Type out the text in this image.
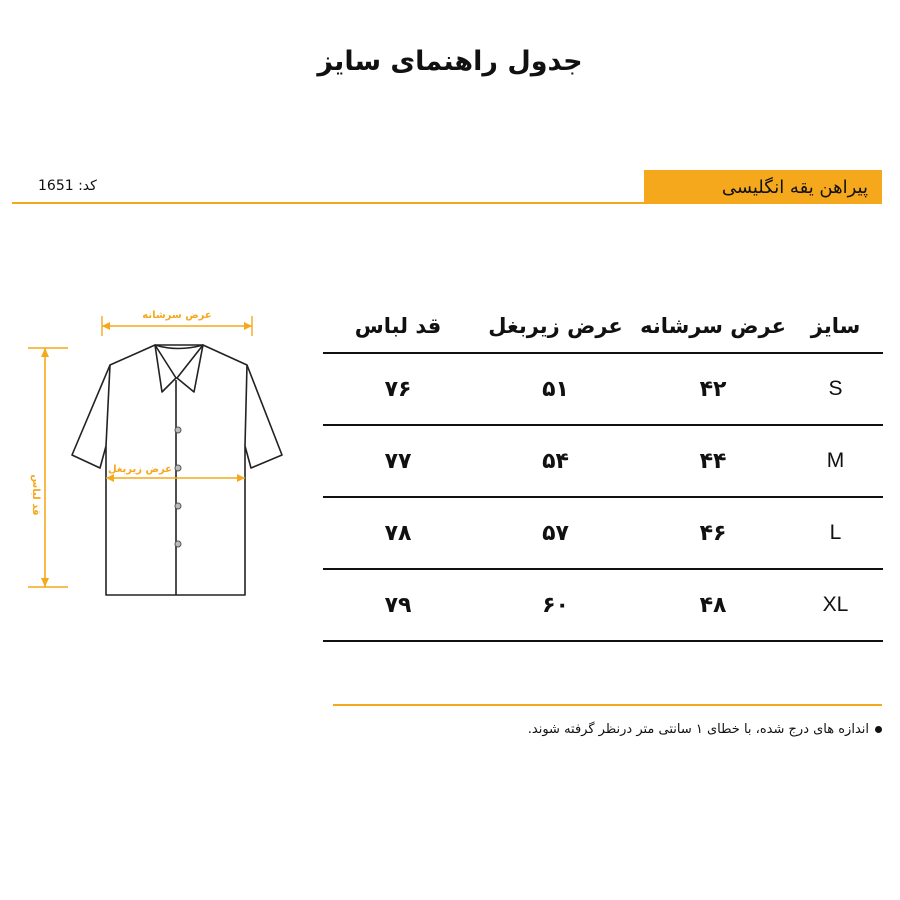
جدول راهنمای سایز
پیراهن یقه انگلیسی
کد: 1651
عرض سرشانه
قد لباس
عرض زیربغل
سایز	عرض سرشانه	عرض زیربغل	قد لباس
S	۴۲	۵۱	۷۶
M	۴۴	۵۴	۷۷
L	۴۶	۵۷	۷۸
XL	۴۸	۶۰	۷۹
اندازه های درج شده، با خطای ۱ سانتی متر درنظر گرفته شوند.
